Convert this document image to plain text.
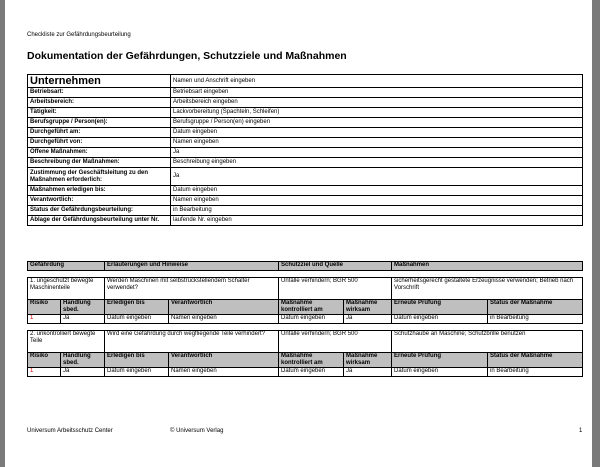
Checkliste zur Gefährdungsbeurteilung
Dokumentation der Gefährdungen, Schutzziele und Maßnahmen
Unternehmen	Namen und Anschrift eingeben
Betriebsart:	Betriebsart eingeben
Arbeitsbereich:	Arbeitsbereich eingeben
Tätigkeit:	Lackvorbereitung (Spachteln, Schleifen)
Berufsgruppe / Person(en):	Berufsgruppe / Person(en) eingeben
Durchgeführt am:	Datum eingeben
Durchgeführt von:	Namen eingeben
Offene Maßnahmen:	Ja
Beschreibung der Maßnahmen:	Beschreibung eingeben
Zustimmung der Geschäftsleitung zu den Maßnahmen erforderlich:	Ja
Maßnahmen erledigen bis:	Datum eingeben
Verantwortlich:	Namen eingeben
Status der Gefährdungsbeurteilung:	in Bearbeitung
Ablage der Gefährdungsbeurteilung unter Nr.	laufende Nr. eingeben
Gefährdung		Erläuterungen und Hinweise		Schutzziel und Quelle		Maßnahmen	

1. ungeschützt bewegte Maschinenteile		Werden Maschinen mit selbstrückstellendem Schalter verwendet?		Unfälle verhindern; BGR 500		sicherheitsgerecht gestaltete Erzeugnisse verwenden; Betrieb nach Vorschrift	
Risiko	Handlung sbed.	Erledigen bis	Verantwortlich	Maßnahme kontrolliert am	Maßnahme wirksam	Erneute Prüfung	Status der Maßnahme
1	Ja	Datum eingeben	Namen eingeben	Datum eingeben	Ja	Datum eingeben	in Bearbeitung

2. unkontrolliert bewegte Teile		Wird eine Gefährdung durch wegfliegende Teile verhindert?		Unfälle verhindern; BGR 500		Schutzhaube an Maschine; Schutzbrille benutzen	
Risiko	Handlung sbed.	Erledigen bis	Verantwortlich	Maßnahme kontrolliert am	Maßnahme wirksam	Erneute Prüfung	Status der Maßnahme
1	Ja	Datum eingeben	Namen eingeben	Datum eingeben	Ja	Datum eingeben	in Bearbeitung
Universum Arbeitsschutz Center	© Universum Verlag	1
